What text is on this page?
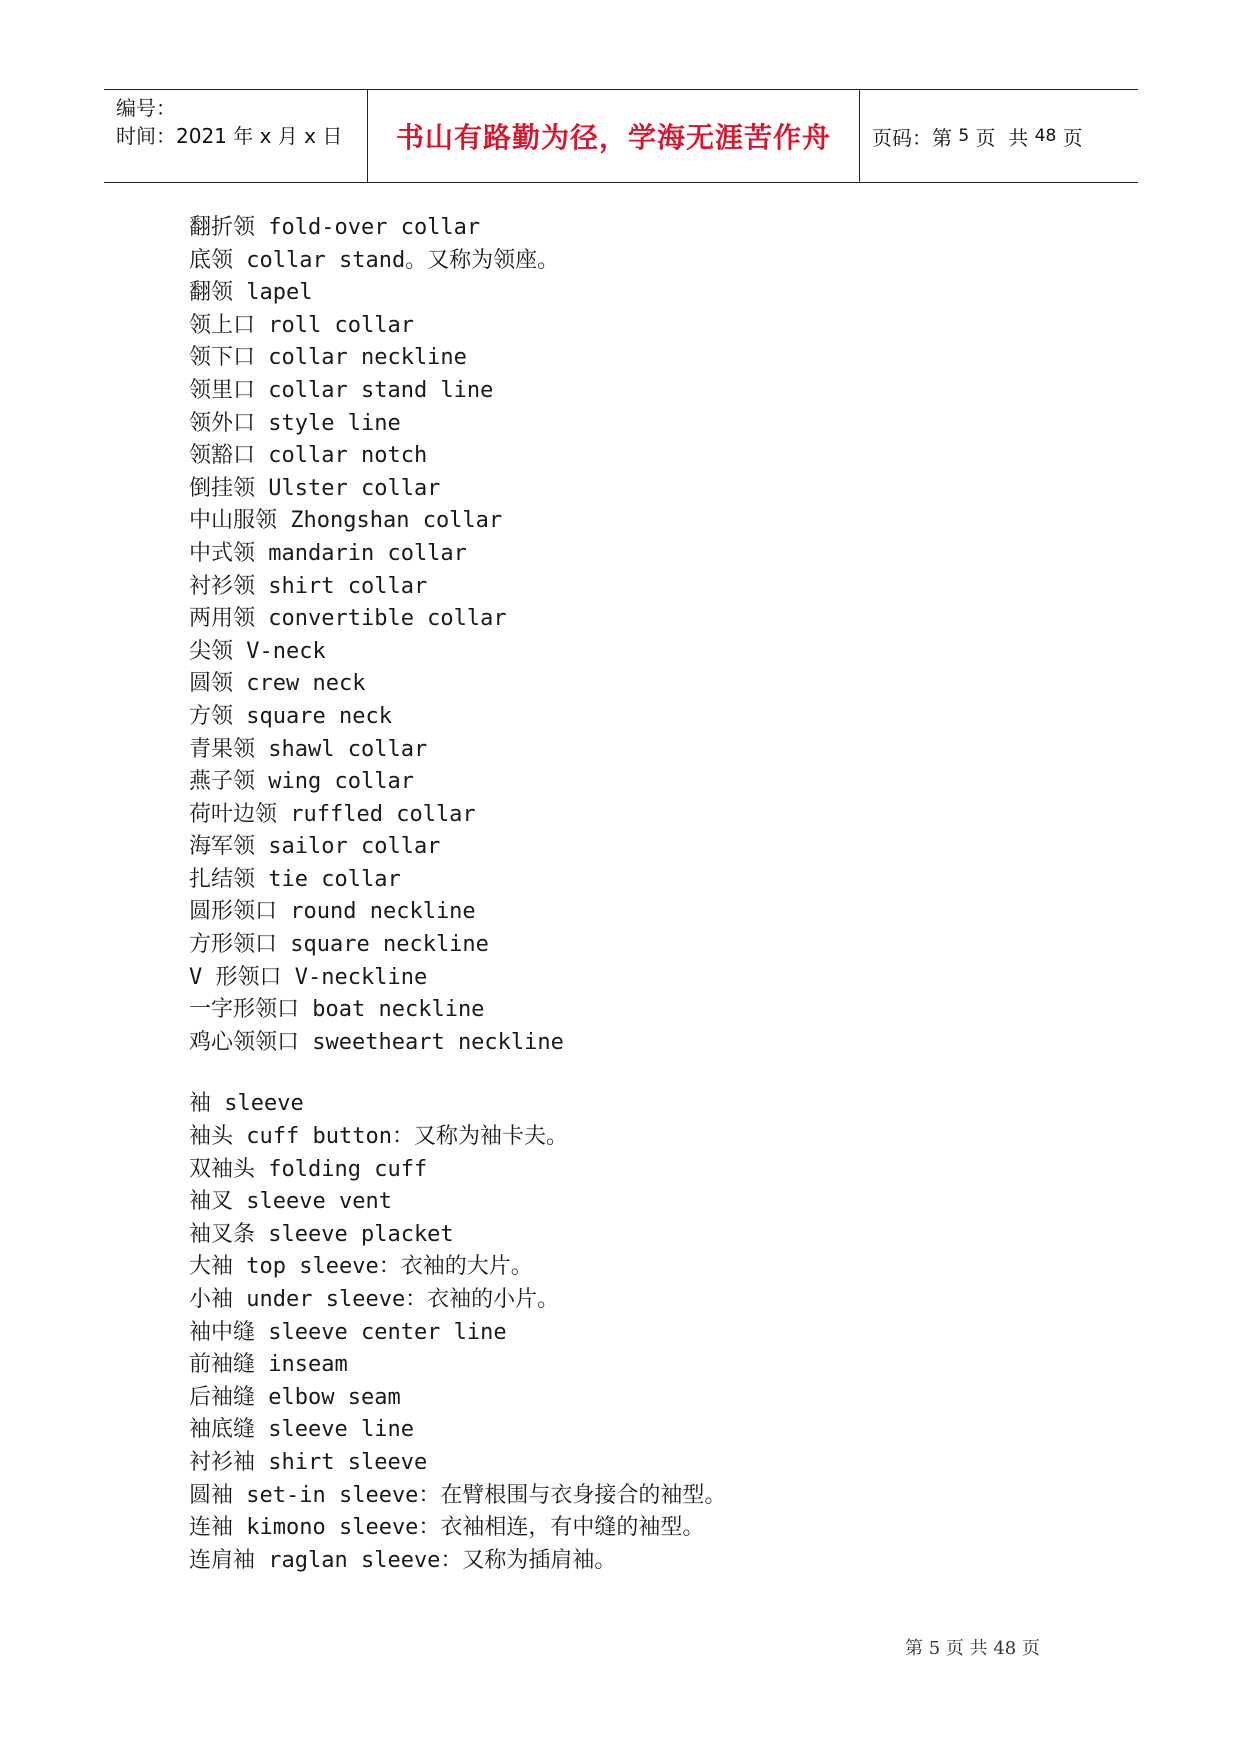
编号：
时间：2021 年 x 月 x 日	书山有路勤为径，学海无涯苦作舟	页码：第 5 页  共 48 页
翻折领 fold-over collar
底领 collar stand。又称为领座。
翻领 lapel
领上口 roll collar
领下口 collar neckline
领里口 collar stand line
领外口 style line
领豁口 collar notch
倒挂领 Ulster collar
中山服领 Zhongshan collar
中式领 mandarin collar
衬衫领 shirt collar
两用领 convertible collar
尖领 V-neck
圆领 crew neck
方领 square neck
青果领 shawl collar
燕子领 wing collar
荷叶边领 ruffled collar
海军领 sailor collar
扎结领 tie collar
圆形领口 round neckline
方形领口 square neckline
V 形领口 V-neckline
一字形领口 boat neckline
鸡心领领口 sweetheart neckline
袖 sleeve
袖头 cuff button：又称为袖卡夫。
双袖头 folding cuff
袖叉 sleeve vent
袖叉条 sleeve placket
大袖 top sleeve：衣袖的大片。
小袖 under sleeve：衣袖的小片。
袖中缝 sleeve center line
前袖缝 inseam
后袖缝 elbow seam
袖底缝 sleeve line
衬衫袖 shirt sleeve
圆袖 set-in sleeve：在臂根围与衣身接合的袖型。
连袖 kimono sleeve：衣袖相连，有中缝的袖型。
连肩袖 raglan sleeve：又称为插肩袖。
第 5 页 共 48 页
